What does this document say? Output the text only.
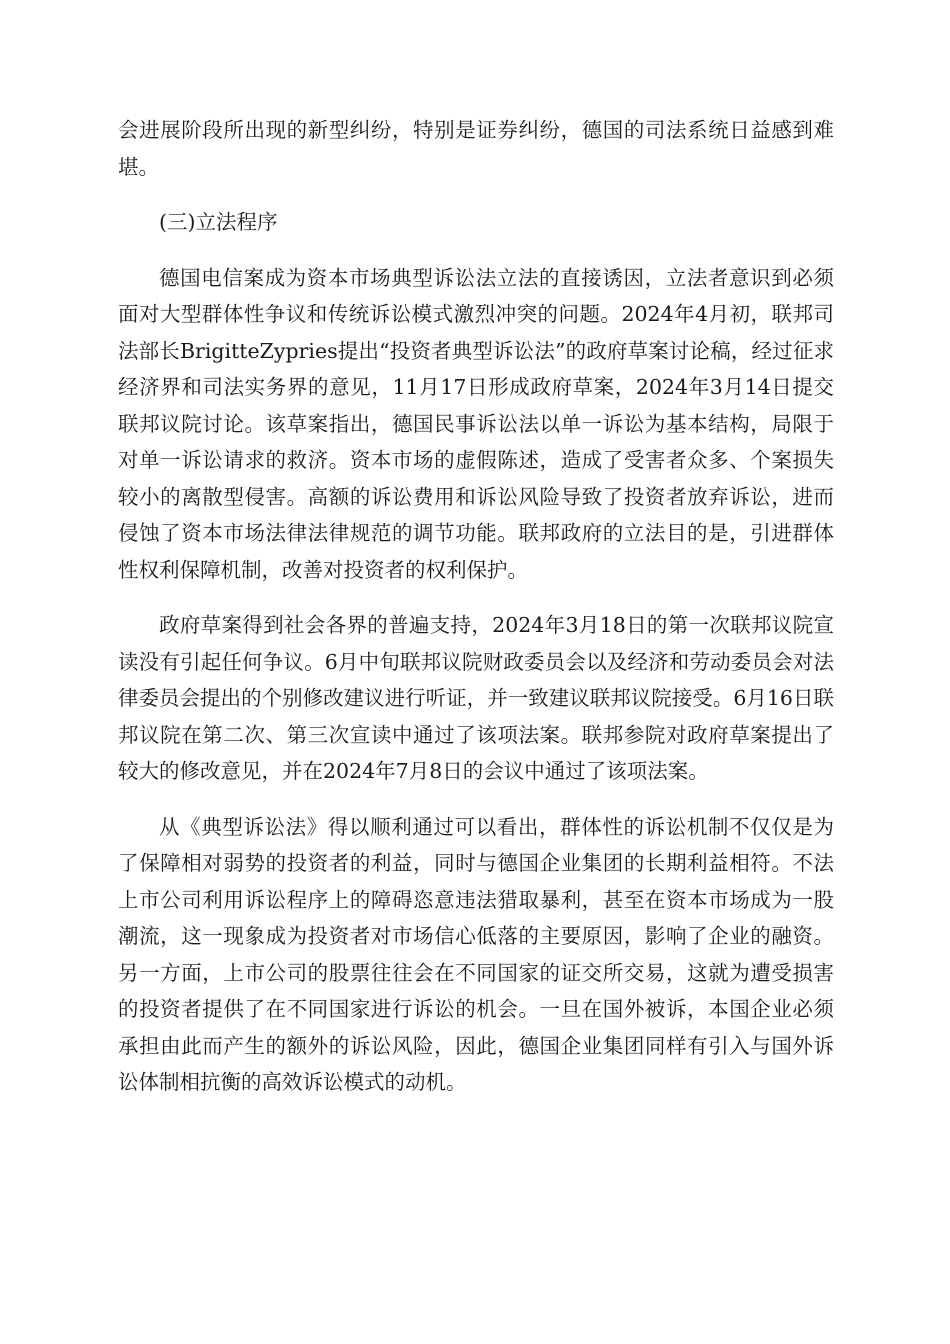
会进展阶段所出现的新型纠纷，特别是证券纠纷，德国的司法系统日益感到难堪。

(三)立法程序

德国电信案成为资本市场典型诉讼法立法的直接诱因，立法者意识到必须面对大型群体性争议和传统诉讼模式激烈冲突的问题。2024年4月初，联邦司法部长BrigitteZypries提出“投资者典型诉讼法”的政府草案讨论稿，经过征求经济界和司法实务界的意见，11月17日形成政府草案，2024年3月14日提交联邦议院讨论。该草案指出，德国民事诉讼法以单一诉讼为基本结构，局限于对单一诉讼请求的救济。资本市场的虚假陈述，造成了受害者众多、个案损失较小的离散型侵害。高额的诉讼费用和诉讼风险导致了投资者放弃诉讼，进而侵蚀了资本市场法律法律规范的调节功能。联邦政府的立法目的是，引进群体性权利保障机制，改善对投资者的权利保护。

政府草案得到社会各界的普遍支持，2024年3月18日的第一次联邦议院宣读没有引起任何争议。6月中旬联邦议院财政委员会以及经济和劳动委员会对法律委员会提出的个别修改建议进行听证，并一致建议联邦议院接受。6月16日联邦议院在第二次、第三次宣读中通过了该项法案。联邦参院对政府草案提出了较大的修改意见，并在2024年7月8日的会议中通过了该项法案。

从《典型诉讼法》得以顺利通过可以看出，群体性的诉讼机制不仅仅是为了保障相对弱势的投资者的利益，同时与德国企业集团的长期利益相符。不法上市公司利用诉讼程序上的障碍恣意违法猎取暴利，甚至在资本市场成为一股潮流，这一现象成为投资者对市场信心低落的主要原因，影响了企业的融资。另一方面，上市公司的股票往往会在不同国家的证交所交易，这就为遭受损害的投资者提供了在不同国家进行诉讼的机会。一旦在国外被诉，本国企业必须承担由此而产生的额外的诉讼风险，因此，德国企业集团同样有引入与国外诉讼体制相抗衡的高效诉讼模式的动机。
